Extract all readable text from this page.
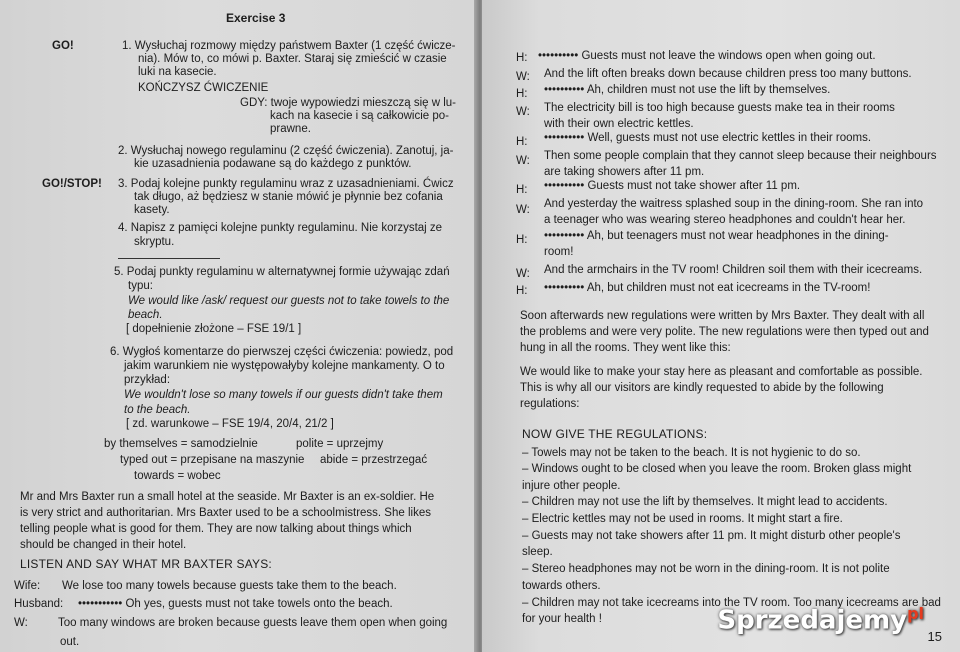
Exercise 3
GO!	1. Wysłuchaj rozmowy między państwem Baxter (1 część ćwicze-
nia). Mów to, co mówi p. Baxter. Staraj się zmieścić w czasie
luki na kasecie.
KOŃCZYSZ ĆWICZENIE
GDY: twoje wypowiedzi mieszczą się w lu-
kach na kasecie i są całkowicie po-
prawne.
2. Wysłuchaj nowego regulaminu (2 część ćwiczenia). Zanotuj, ja-
kie uzasadnienia podawane są do każdego z punktów.
GO!/STOP! 3. Podaj kolejne punkty regulaminu wraz z uzasadnieniami. Ćwicz
tak długo, aż będziesz w stanie mówić je płynnie bez cofania
kasety.
4. Napisz z pamięci kolejne punkty regulaminu. Nie korzystaj ze
skryptu.
5. Podaj punkty regulaminu w alternatywnej formie używając zdań
typu:
We would like /ask/ request our guests not to take towels to the
beach.
[ dopełnienie złożone – FSE 19/1 ]
6. Wygłoś komentarze do pierwszej części ćwiczenia: powiedz, pod
jakim warunkiem nie występowałyby kolejne mankamenty. O to
przykład:
We wouldn't lose so many towels if our guests didn't take them
to the beach.
[ zd. warunkowe – FSE 19/4, 20/4, 21/2 ]
by themselves = samodzielnie	polite = uprzejmy
typed out = przepisane na maszynie abide = przestrzegać
towards = wobec
Mr and Mrs Baxter run a small hotel at the seaside. Mr Baxter is an ex-soldier. He
is very strict and authoritarian. Mrs Baxter used to be a schoolmistress. She likes
telling people what is good for them. They are now talking about things which
should be changed in their hotel.
LISTEN AND SAY WHAT MR BAXTER SAYS:
Wife: We lose too many towels because guests take them to the beach.
Husband: ••••••••••• Oh yes, guests must not take towels onto the beach.
W:	Too many windows are broken because guests leave them open when going
out.
H: •••••••••• Guests must not leave the windows open when going out.
W: And the lift often breaks down because children press too many buttons.
H: •••••••••• Ah, children must not use the lift by themselves.
W: The electricity bill is too high because guests make tea in their rooms
with their own electric kettles.
H: •••••••••• Well, guests must not use electric kettles in their rooms.
W: Then some people complain that they cannot sleep because their neighbours
are taking showers after 11 pm.
H: •••••••••• Guests must not take shower after 11 pm.
W: And yesterday the waitress splashed soup in the dining-room. She ran into
a teenager who was wearing stereo headphones and couldn't hear her.
H: •••••••••• Ah, but teenagers must not wear headphones in the dining-
room!
W: And the armchairs in the TV room! Children soil them with their icecreams.
H: •••••••••• Ah, but children must not eat icecreams in the TV-room!
Soon afterwards new regulations were written by Mrs Baxter. They dealt with all
the problems and were very polite. The new regulations were then typed out and
hung in all the rooms. They went like this:
We would like to make your stay here as pleasant and comfortable as possible.
This is why all our visitors are kindly requested to abide by the following
regulations:
NOW GIVE THE REGULATIONS:
– Towels may not be taken to the beach. It is not hygienic to do so.
– Windows ought to be closed when you leave the room. Broken glass might
injure other people.
– Children may not use the lift by themselves. It might lead to accidents.
– Electric kettles may not be used in rooms. It might start a fire.
– Guests may not take showers after 11 pm. It might disturb other people's
sleep.
– Stereo headphones may not be worn in the dining-room. It is not polite
towards others.
– Children may not take icecreams into the TV room. Too many icecreams are bad
for your health !	Sprzedajemy$^{pl}$
15
